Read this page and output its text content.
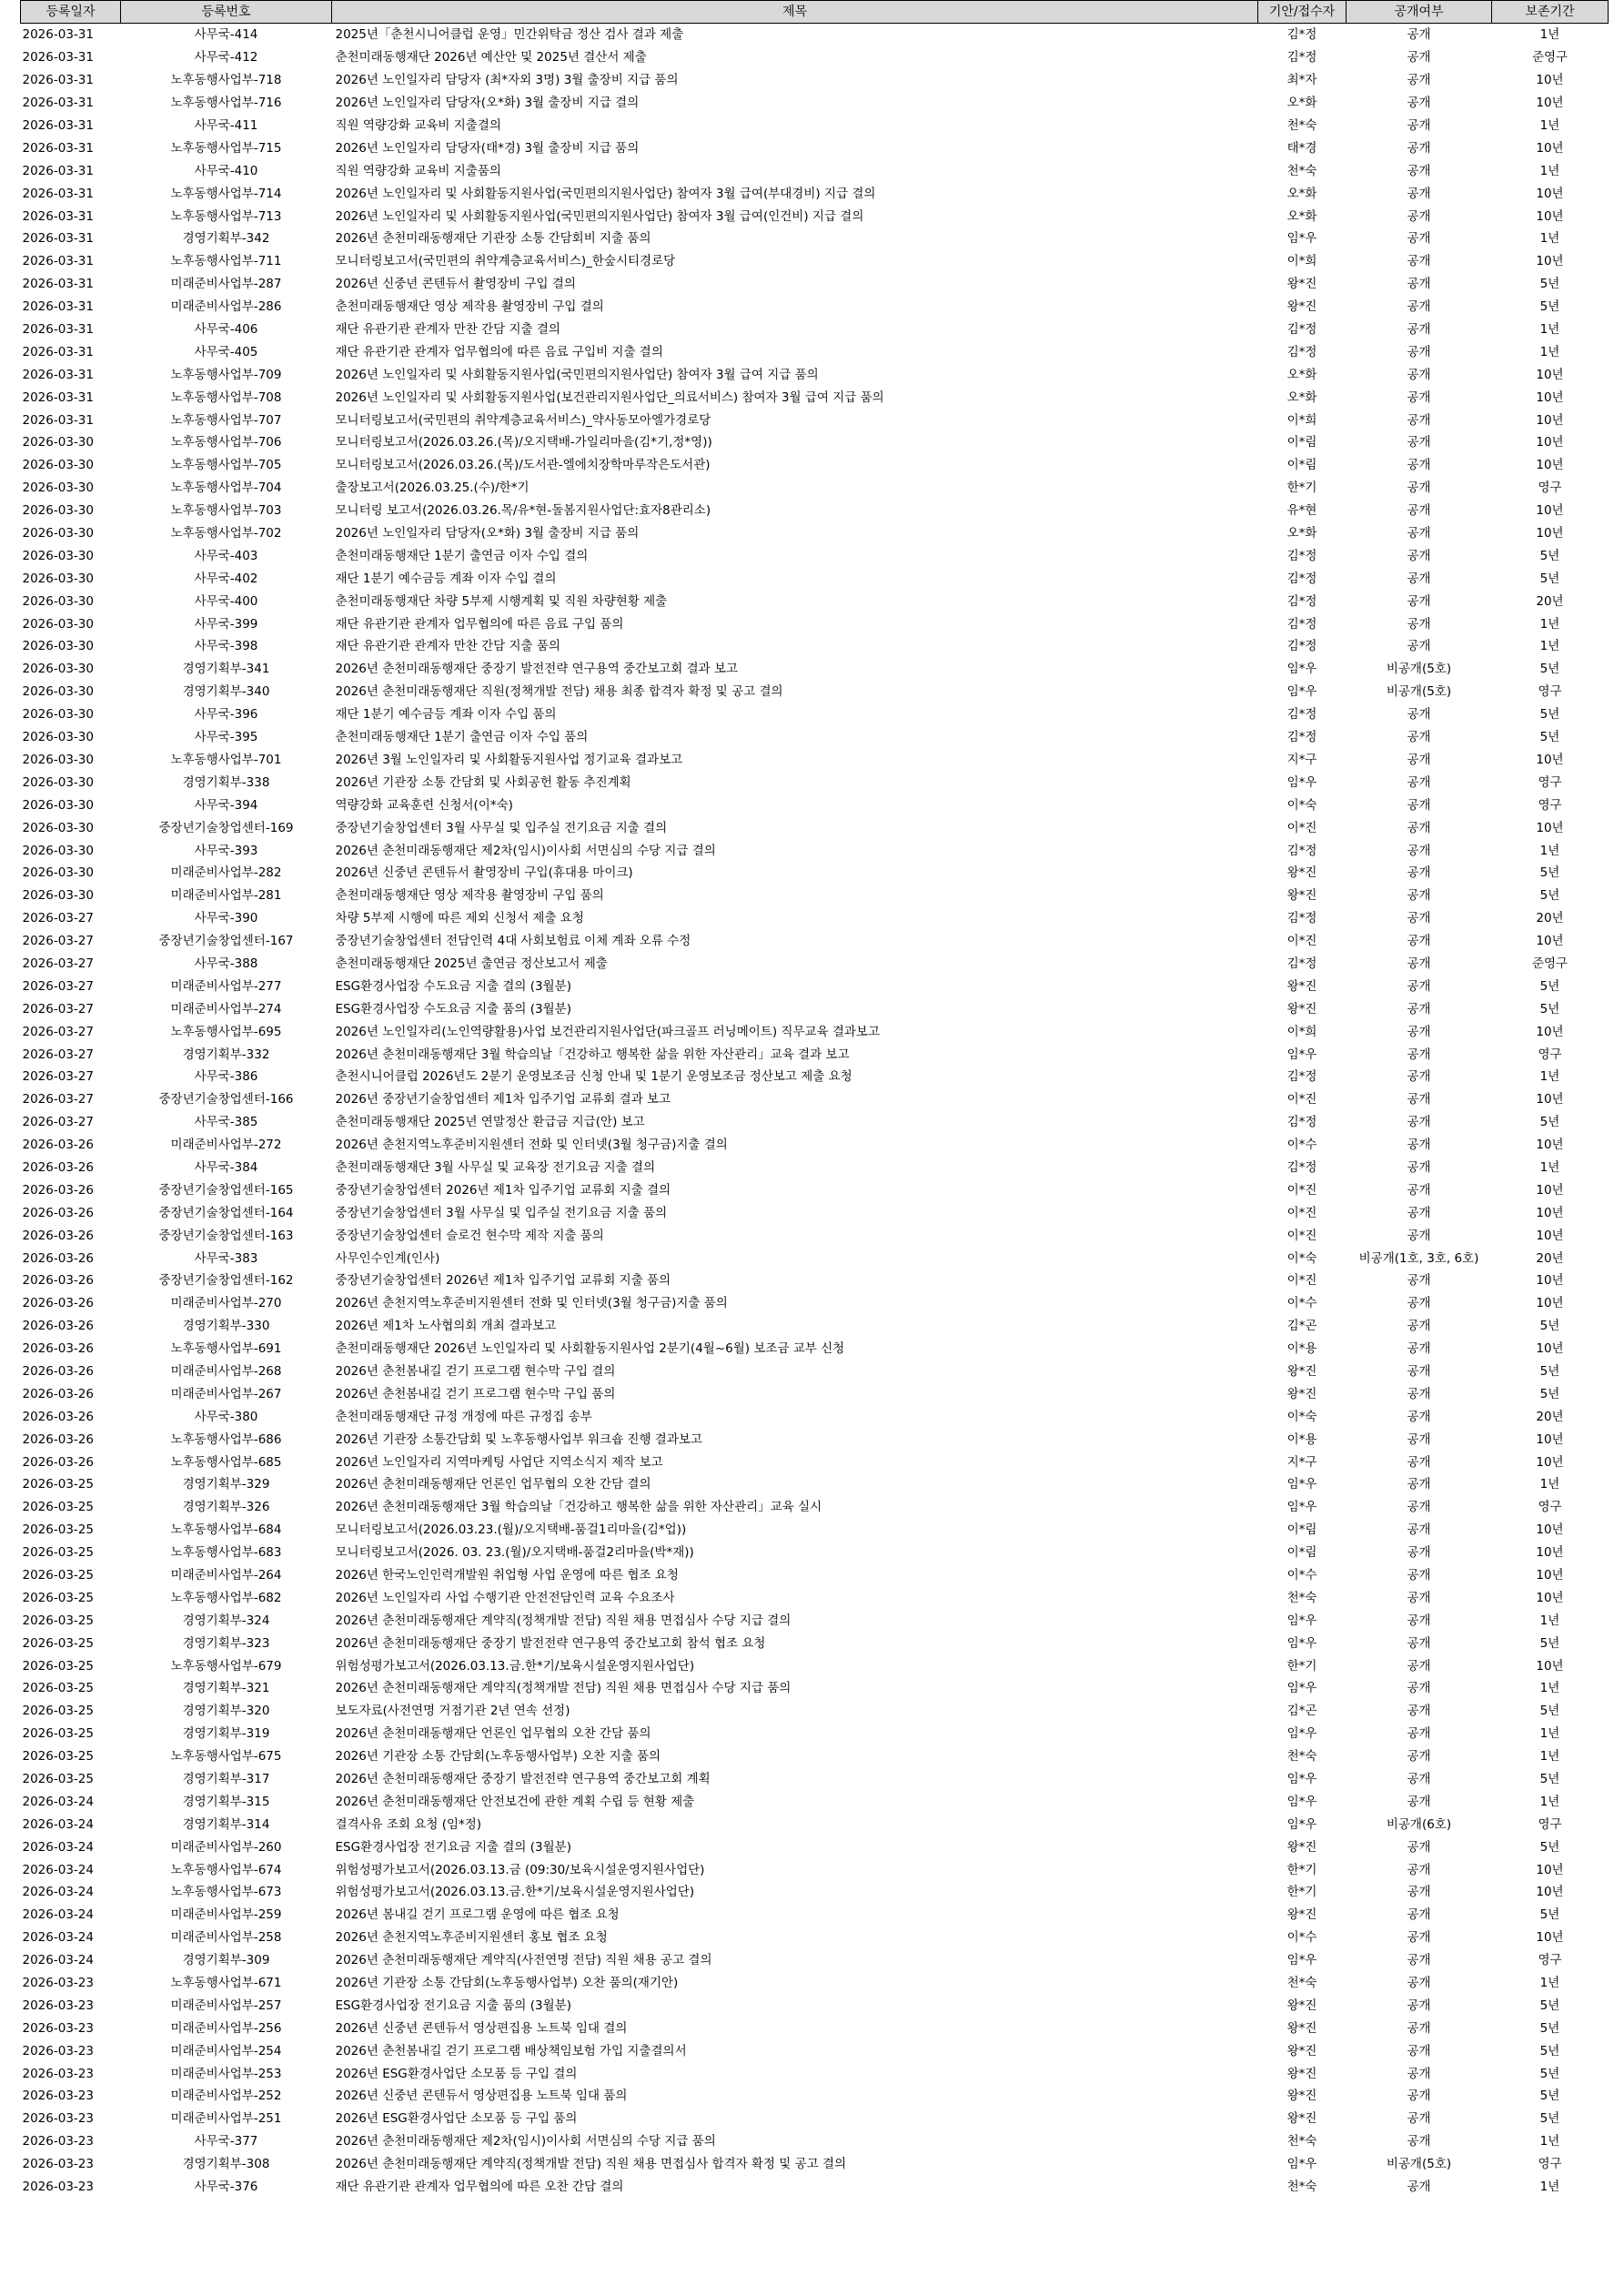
등록일자	등록번호	제목	기안/접수자	공개여부	보존기간
2026-03-31	사무국-414	2025년「춘천시니어클럽 운영」민간위탁금 정산 검사 결과 제출	김*정	공개	1년
2026-03-31	사무국-412	춘천미래동행재단 2026년 예산안 및 2025년 결산서 제출	김*정	공개	준영구
2026-03-31	노후동행사업부-718	2026년 노인일자리 담당자 (최*자외 3명) 3월 출장비 지급 품의	최*자	공개	10년
2026-03-31	노후동행사업부-716	2026년 노인일자리 담당자(오*화) 3월 출장비 지급 결의	오*화	공개	10년
2026-03-31	사무국-411	직원 역량강화 교육비 지출결의	천*숙	공개	1년
2026-03-31	노후동행사업부-715	2026년 노인일자리 담당자(태*경) 3월 출장비 지급 품의	태*경	공개	10년
2026-03-31	사무국-410	직원 역량강화 교육비 지출품의	천*숙	공개	1년
2026-03-31	노후동행사업부-714	2026년 노인일자리 및 사회활동지원사업(국민편의지원사업단) 참여자 3월 급여(부대경비) 지급 결의	오*화	공개	10년
2026-03-31	노후동행사업부-713	2026년 노인일자리 및 사회활동지원사업(국민편의지원사업단) 참여자 3월 급여(인건비) 지급 결의	오*화	공개	10년
2026-03-31	경영기획부-342	2026년 춘천미래동행재단 기관장 소통 간담회비 지출 품의	임*우	공개	1년
2026-03-31	노후동행사업부-711	모니터링보고서(국민편의 취약계층교육서비스)_한숲시티경로당	이*희	공개	10년
2026-03-31	미래준비사업부-287	2026년 신중년 콘텐듀서 촬영장비 구입 결의	왕*진	공개	5년
2026-03-31	미래준비사업부-286	춘천미래동행재단 영상 제작용 촬영장비 구입 결의	왕*진	공개	5년
2026-03-31	사무국-406	재단 유관기관 관계자 만찬 간담 지출 결의	김*정	공개	1년
2026-03-31	사무국-405	재단 유관기관 관계자 업무협의에 따른 음료 구입비 지출 결의	김*정	공개	1년
2026-03-31	노후동행사업부-709	2026년 노인일자리 및 사회활동지원사업(국민편의지원사업단) 참여자 3월 급여 지급 품의	오*화	공개	10년
2026-03-31	노후동행사업부-708	2026년 노인일자리 및 사회활동지원사업(보건관리지원사업단_의료서비스) 참여자 3월 급여 지급 품의	오*화	공개	10년
2026-03-31	노후동행사업부-707	모니터링보고서(국민편의 취약계층교육서비스)_약사동모아엘가경로당	이*희	공개	10년
2026-03-30	노후동행사업부-706	모니터링보고서(2026.03.26.(목)/오지택배-가일리마을(김*기,정*영))	이*림	공개	10년
2026-03-30	노후동행사업부-705	모니터링보고서(2026.03.26.(목)/도서관-엘에치장학마루작은도서관)	이*림	공개	10년
2026-03-30	노후동행사업부-704	출장보고서(2026.03.25.(수)/한*기	한*기	공개	영구
2026-03-30	노후동행사업부-703	모니터링 보고서(2026.03.26.목/유*현-돌봄지원사업단:효자8관리소)	유*현	공개	10년
2026-03-30	노후동행사업부-702	2026년 노인일자리 담당자(오*화) 3월 출장비 지급 품의	오*화	공개	10년
2026-03-30	사무국-403	춘천미래동행재단 1분기 출연금 이자 수입 결의	김*정	공개	5년
2026-03-30	사무국-402	재단 1분기 예수금등 계좌 이자 수입 결의	김*정	공개	5년
2026-03-30	사무국-400	춘천미래동행재단 차량 5부제 시행계획 및 직원 차량현황 제출	김*정	공개	20년
2026-03-30	사무국-399	재단 유관기관 관계자 업무협의에 따른 음료 구입 품의	김*정	공개	1년
2026-03-30	사무국-398	재단 유관기관 관계자 만찬 간담 지출 품의	김*정	공개	1년
2026-03-30	경영기획부-341	2026년 춘천미래동행재단 중장기 발전전략 연구용역 중간보고회 결과 보고	임*우	비공개(5호)	5년
2026-03-30	경영기획부-340	2026년 춘천미래동행재단 직원(정책개발 전담) 채용 최종 합격자 확정 및 공고 결의	임*우	비공개(5호)	영구
2026-03-30	사무국-396	재단 1분기 예수금등 계좌 이자 수입 품의	김*정	공개	5년
2026-03-30	사무국-395	춘천미래동행재단 1분기 출연금 이자 수입 품의	김*정	공개	5년
2026-03-30	노후동행사업부-701	2026년 3월 노인일자리 및 사회활동지원사업 정기교육 결과보고	지*구	공개	10년
2026-03-30	경영기획부-338	2026년 기관장 소통 간담회 및 사회공헌 활동 추진계획	임*우	공개	영구
2026-03-30	사무국-394	역량강화 교육훈련 신청서(이*숙)	이*숙	공개	영구
2026-03-30	중장년기술창업센터-169	중장년기술창업센터 3월 사무실 및 입주실 전기요금 지출 결의	이*진	공개	10년
2026-03-30	사무국-393	2026년 춘천미래동행재단 제2차(임시)이사회 서면심의 수당 지급 결의	김*정	공개	1년
2026-03-30	미래준비사업부-282	2026년 신중년 콘텐듀서 촬영장비 구입(휴대용 마이크)	왕*진	공개	5년
2026-03-30	미래준비사업부-281	춘천미래동행재단 영상 제작용 촬영장비 구입 품의	왕*진	공개	5년
2026-03-27	사무국-390	차량 5부제 시행에 따른 제외 신청서 제출 요청	김*정	공개	20년
2026-03-27	중장년기술창업센터-167	중장년기술창업센터 전담인력 4대 사회보험료 이체 계좌 오류 수정	이*진	공개	10년
2026-03-27	사무국-388	춘천미래동행재단 2025년 출연금 정산보고서 제출	김*정	공개	준영구
2026-03-27	미래준비사업부-277	ESG환경사업장 수도요금 지출 결의 (3월분)	왕*진	공개	5년
2026-03-27	미래준비사업부-274	ESG환경사업장 수도요금 지출 품의 (3월분)	왕*진	공개	5년
2026-03-27	노후동행사업부-695	2026년 노인일자리(노인역량활용)사업 보건관리지원사업단(파크골프 러닝메이트) 직무교육 결과보고	이*희	공개	10년
2026-03-27	경영기획부-332	2026년 춘천미래동행재단 3월 학습의날「건강하고 행복한 삶을 위한 자산관리」교육 결과 보고	임*우	공개	영구
2026-03-27	사무국-386	춘천시니어클럽 2026년도 2분기 운영보조금 신청 안내 및 1분기 운영보조금 정산보고 제출 요청	김*정	공개	1년
2026-03-27	중장년기술창업센터-166	2026년 중장년기술창업센터 제1차 입주기업 교류회 결과 보고	이*진	공개	10년
2026-03-27	사무국-385	춘천미래동행재단 2025년 연말정산 환급금 지급(안) 보고	김*정	공개	5년
2026-03-26	미래준비사업부-272	2026년 춘천지역노후준비지원센터 전화 및 인터넷(3월 청구금)지출 결의	이*수	공개	10년
2026-03-26	사무국-384	춘천미래동행재단 3월 사무실 및 교육장 전기요금 지출 결의	김*정	공개	1년
2026-03-26	중장년기술창업센터-165	중장년기술창업센터 2026년 제1차 입주기업 교류회 지출 결의	이*진	공개	10년
2026-03-26	중장년기술창업센터-164	중장년기술창업센터 3월 사무실 및 입주실 전기요금 지출 품의	이*진	공개	10년
2026-03-26	중장년기술창업센터-163	중장년기술창업센터 슬로건 현수막 제작 지출 품의	이*진	공개	10년
2026-03-26	사무국-383	사무인수인계(인사)	이*숙	비공개(1호, 3호, 6호)	20년
2026-03-26	중장년기술창업센터-162	중장년기술창업센터 2026년 제1차 입주기업 교류회 지출 품의	이*진	공개	10년
2026-03-26	미래준비사업부-270	2026년 춘천지역노후준비지원센터 전화 및 인터넷(3월 청구금)지출 품의	이*수	공개	10년
2026-03-26	경영기획부-330	2026년 제1차 노사협의회 개최 결과보고	김*곤	공개	5년
2026-03-26	노후동행사업부-691	춘천미래동행재단 2026년 노인일자리 및 사회활동지원사업 2분기(4월~6월) 보조금 교부 신청	이*용	공개	10년
2026-03-26	미래준비사업부-268	2026년 춘천봄내길 걷기 프로그램 현수막 구입 결의	왕*진	공개	5년
2026-03-26	미래준비사업부-267	2026년 춘천봄내길 걷기 프로그램 현수막 구입 품의	왕*진	공개	5년
2026-03-26	사무국-380	춘천미래동행재단 규정 개정에 따른 규정집 송부	이*숙	공개	20년
2026-03-26	노후동행사업부-686	2026년 기관장 소통간담회 및 노후동행사업부 워크숍 진행 결과보고	이*용	공개	10년
2026-03-26	노후동행사업부-685	2026년 노인일자리 지역마케팅 사업단 지역소식지 제작 보고	지*구	공개	10년
2026-03-25	경영기획부-329	2026년 춘천미래동행재단 언론인 업무협의 오찬 간담 결의	임*우	공개	1년
2026-03-25	경영기획부-326	2026년 춘천미래동행재단 3월 학습의날「건강하고 행복한 삶을 위한 자산관리」교육 실시	임*우	공개	영구
2026-03-25	노후동행사업부-684	모니터링보고서(2026.03.23.(월)/오지택배-품걸1리마을(김*업))	이*림	공개	10년
2026-03-25	노후동행사업부-683	모니터링보고서(2026. 03. 23.(월)/오지택배-품걸2리마을(박*재))	이*림	공개	10년
2026-03-25	미래준비사업부-264	2026년 한국노인인력개발원 취업형 사업 운영에 따른 협조 요청	이*수	공개	10년
2026-03-25	노후동행사업부-682	2026년 노인일자리 사업 수행기관 안전전담인력 교육 수요조사	천*숙	공개	10년
2026-03-25	경영기획부-324	2026년 춘천미래동행재단 계약직(정책개발 전담) 직원 채용 면접심사 수당 지급 결의	임*우	공개	1년
2026-03-25	경영기획부-323	2026년 춘천미래동행재단 중장기 발전전략 연구용역 중간보고회 참석 협조 요청	임*우	공개	5년
2026-03-25	노후동행사업부-679	위험성평가보고서(2026.03.13.금.한*기/보육시설운영지원사업단)	한*기	공개	10년
2026-03-25	경영기획부-321	2026년 춘천미래동행재단 계약직(정책개발 전담) 직원 채용 면접심사 수당 지급 품의	임*우	공개	1년
2026-03-25	경영기획부-320	보도자료(사전연명 거점기관 2년 연속 선정)	김*곤	공개	5년
2026-03-25	경영기획부-319	2026년 춘천미래동행재단 언론인 업무협의 오찬 간담 품의	임*우	공개	1년
2026-03-25	노후동행사업부-675	2026년 기관장 소통 간담회(노후동행사업부) 오찬 지출 품의	천*숙	공개	1년
2026-03-25	경영기획부-317	2026년 춘천미래동행재단 중장기 발전전략 연구용역 중간보고회 계획	임*우	공개	5년
2026-03-24	경영기획부-315	2026년 춘천미래동행재단 안전보건에 관한 계획 수립 등 현황 제출	임*우	공개	1년
2026-03-24	경영기획부-314	결격사유 조회 요청 (임*정)	임*우	비공개(6호)	영구
2026-03-24	미래준비사업부-260	ESG환경사업장 전기요금 지출 결의 (3월분)	왕*진	공개	5년
2026-03-24	노후동행사업부-674	위험성평가보고서(2026.03.13.금 (09:30/보육시설운영지원사업단)	한*기	공개	10년
2026-03-24	노후동행사업부-673	위험성평가보고서(2026.03.13.금.한*기/보육시설운영지원사업단)	한*기	공개	10년
2026-03-24	미래준비사업부-259	2026년 봄내길 걷기 프로그램 운영에 따른 협조 요청	왕*진	공개	5년
2026-03-24	미래준비사업부-258	2026년 춘천지역노후준비지원센터 홍보 협조 요청	이*수	공개	10년
2026-03-24	경영기획부-309	2026년 춘천미래동행재단 계약직(사전연명 전담) 직원 채용 공고 결의	임*우	공개	영구
2026-03-23	노후동행사업부-671	2026년 기관장 소통 간담회(노후동행사업부) 오찬 품의(재기안)	천*숙	공개	1년
2026-03-23	미래준비사업부-257	ESG환경사업장 전기요금 지출 품의 (3월분)	왕*진	공개	5년
2026-03-23	미래준비사업부-256	2026년 신중년 콘텐듀서 영상편집용 노트북 임대 결의	왕*진	공개	5년
2026-03-23	미래준비사업부-254	2026년 춘천봄내길 걷기 프로그램 배상책임보험 가입 지출결의서	왕*진	공개	5년
2026-03-23	미래준비사업부-253	2026년 ESG환경사업단 소모품 등 구입 결의	왕*진	공개	5년
2026-03-23	미래준비사업부-252	2026년 신중년 콘텐듀서 영상편집용 노트북 임대 품의	왕*진	공개	5년
2026-03-23	미래준비사업부-251	2026년 ESG환경사업단 소모품 등 구입 품의	왕*진	공개	5년
2026-03-23	사무국-377	2026년 춘천미래동행재단 제2차(임시)이사회 서면심의 수당 지급 품의	천*숙	공개	1년
2026-03-23	경영기획부-308	2026년 춘천미래동행재단 계약직(정책개발 전담) 직원 채용 면접심사 합격자 확정 및 공고 결의	임*우	비공개(5호)	영구
2026-03-23	사무국-376	재단 유관기관 관계자 업무협의에 따른 오찬 간담 결의	천*숙	공개	1년
